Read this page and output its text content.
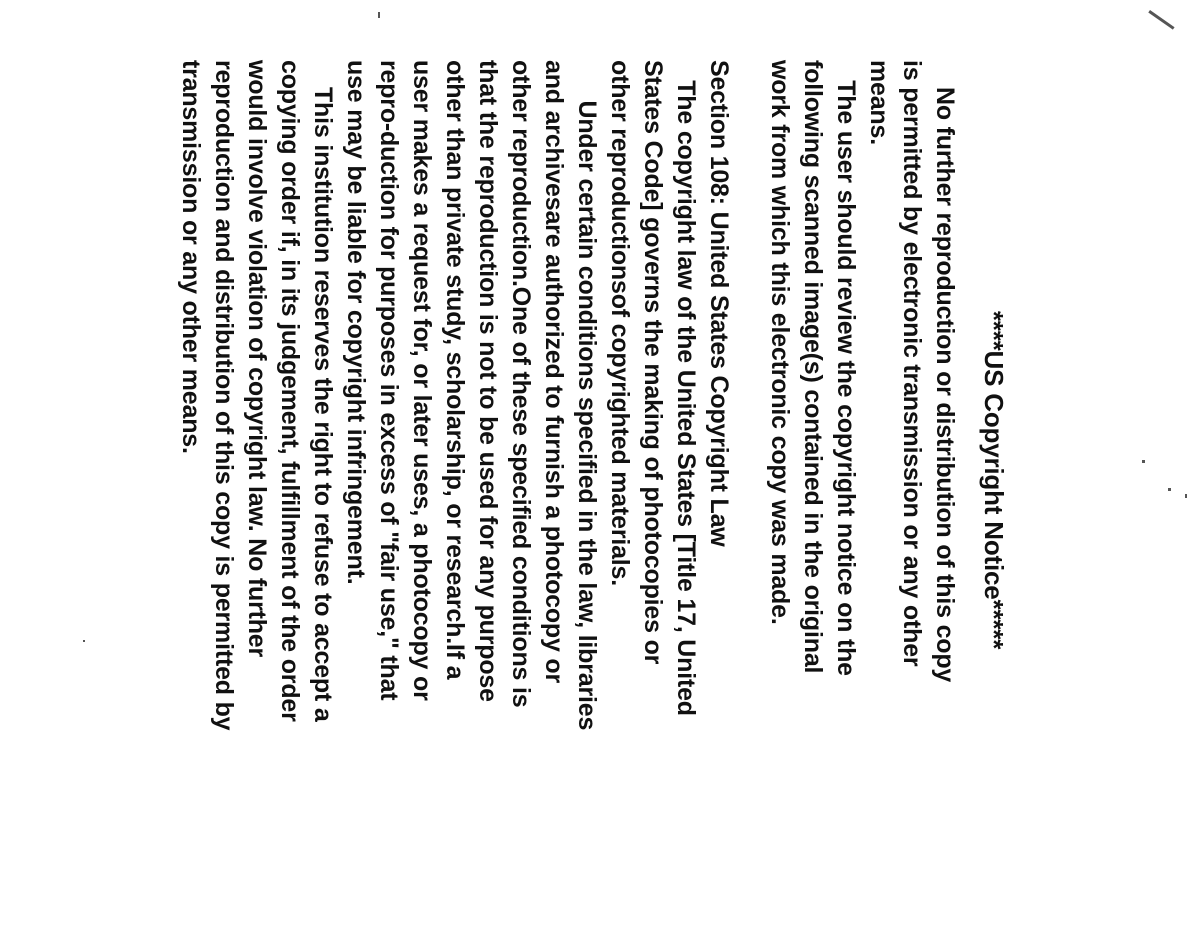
****US Copyright Notice*****
No further reproduction or distribution of this copy
is permitted by electronic transmission or any other
means.
The user should review the copyright notice on the
following scanned image(s) contained in the original
work from which this electronic copy was made.
Section 108: United States Copyright Law
The copyright law of the United States [Title 17, United
States Code] governs the making of photocopies or
other reproductionsof copyrighted materials.
Under certain conditions specified in the law, libraries
and archivesare authorized to furnish a photocopy or
other reproduction.One of these specified conditions is
that the reproduction is not to be used for any purpose
other than private study, scholarship, or research.If a
user makes a request for, or later uses, a photocopy or
repro-duction for purposes in excess of "fair use," that
use may be liable for copyright infringement.
This institution reserves the right to refuse to accept a
copying order if, in its judgement, fulfillment of the order
would involve violation of copyright law. No further
reproduction and distribution of this copy is permitted by
transmission or any other means.
